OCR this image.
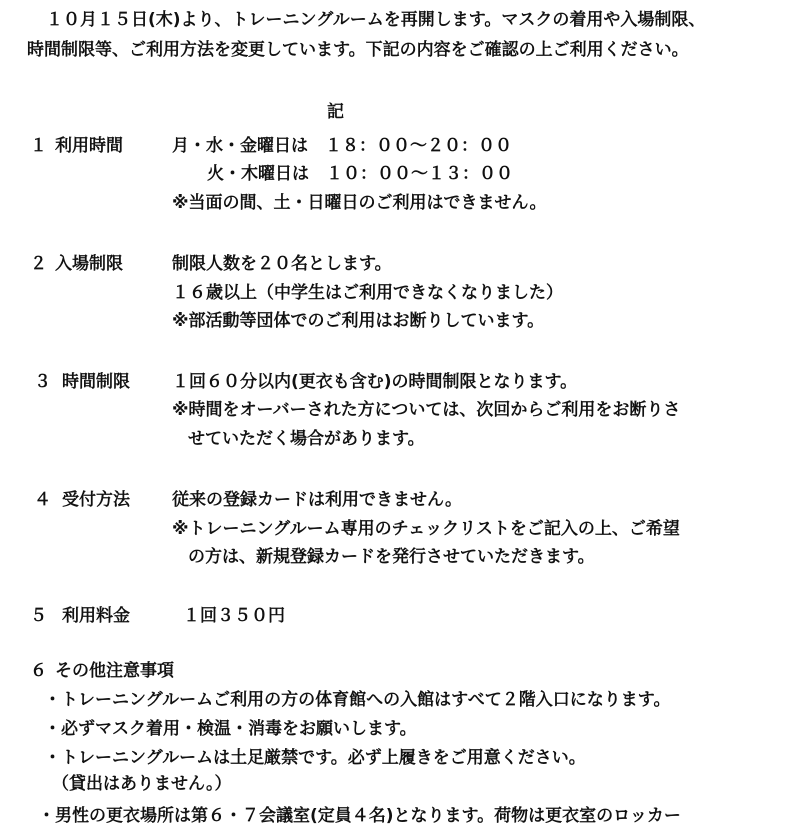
１０月１５日(木)より、トレーニングルームを再開します。マスクの着用や入場制限、
時間制限等、ご利用方法を変更しています。下記の内容をご確認の上ご利用ください。
記
１ 利用時間	月・水・金曜日は　１８：００～２０：００
火・木曜日は　１０：００～１３：００
※当面の間、土・日曜日のご利用はできません。
２ 入場制限	制限人数を２０名とします。
１６歳以上（中学生はご利用できなくなりました）
※部活動等団体でのご利用はお断りしています。
３ 時間制限 １回６０分以内(更衣も含む)の時間制限となります。
※時間をオーバーされた方については、次回からご利用をお断りさ
せていただく場合があります。
４ 受付方法 従来の登録カードは利用できません。
※トレーニングルーム専用のチェックリストをご記入の上、ご希望
の方は、新規登録カードを発行させていただきます。
５ 利用料金	１回３５０円
６ その他注意事項
・トレーニングルームご利用の方の体育館への入館はすべて２階入口になります。
・必ずマスク着用・検温・消毒をお願いします。
・トレーニングルームは土足厳禁です。必ず上履きをご用意ください。
（貸出はありません。）
・男性の更衣場所は第６・７会議室(定員４名)となります。荷物は更衣室のロッカー
